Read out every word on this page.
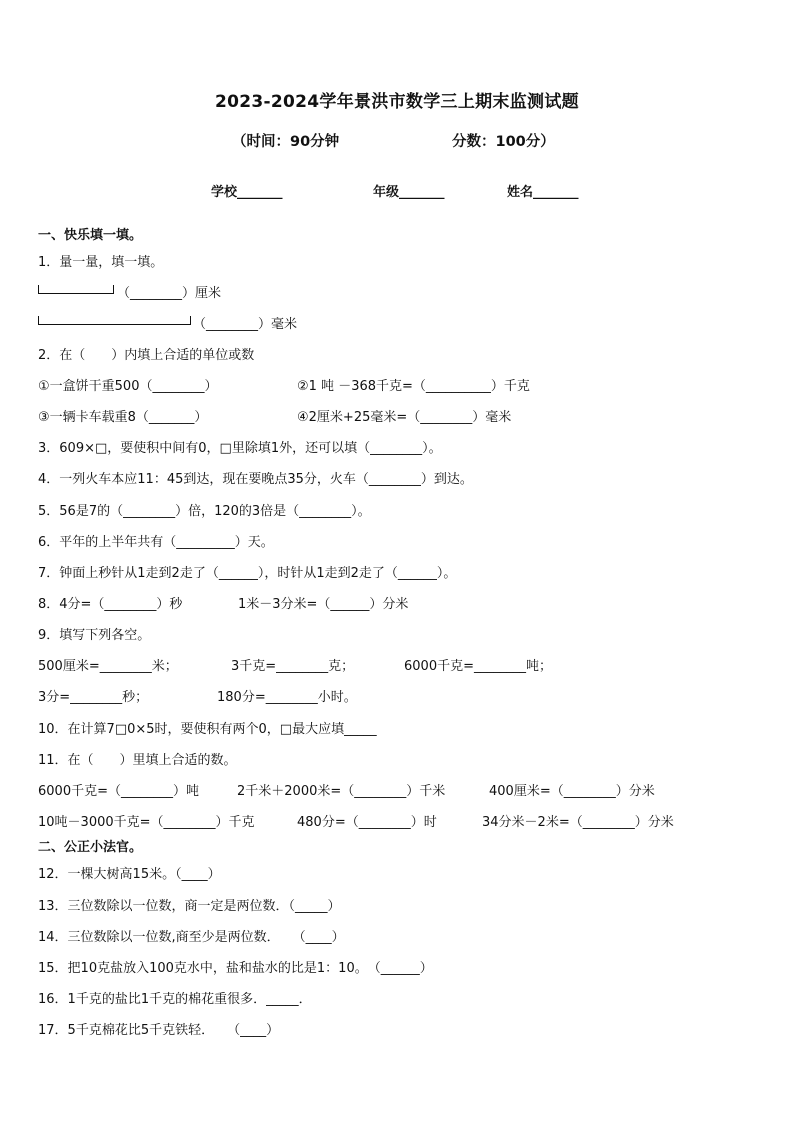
2023-2024学年景洪市数学三上期末监测试题
（时间：90分钟	分数：100分）
学校_______	年级_______	姓名_______
一、快乐填一填。
1．量一量，填一填。
（________）厘米
（________）毫米
2．在（　　）内填上合适的单位或数
①一盒饼干重500（________）	②1 吨 －368千克=（__________）千克
③一辆卡车载重8（_______）	④2厘米+25毫米=（________）毫米
3．609×□，要使积中间有0，□里除填1外，还可以填（________）。
4．一列火车本应11：45到达，现在要晚点35分，火车（________）到达。
5．56是7的（________）倍，120的3倍是（________）。
6．平年的上半年共有（_________）天。
7．钟面上秒针从1走到2走了（______），时针从1走到2走了（______）。
8．4分=（________）秒	1米－3分米=（______）分米
9．填写下列各空。
500厘米=________米；	3千克=________克；	6000千克=________吨；
3分=________秒；	180分=________小时。
10．在计算7□0×5时，要使积有两个0，□最大应填_____
11．在（　　）里填上合适的数。
6000千克=（________）吨	2千米＋2000米=（________）千米	400厘米=（________）分米
10吨－3000千克=（________）千克	480分=（________）时	34分米－2米=（________）分米
二、公正小法官。
12．一棵大树高15米。（____）
13．三位数除以一位数，商一定是两位数．（_____）
14．三位数除以一位数,商至少是两位数．　　（____）
15．把10克盐放入100克水中，盐和盐水的比是1：10。　（______）
16．1千克的盐比1千克的棉花重很多．_____．
17．5千克棉花比5千克铁轻．　　（____）
